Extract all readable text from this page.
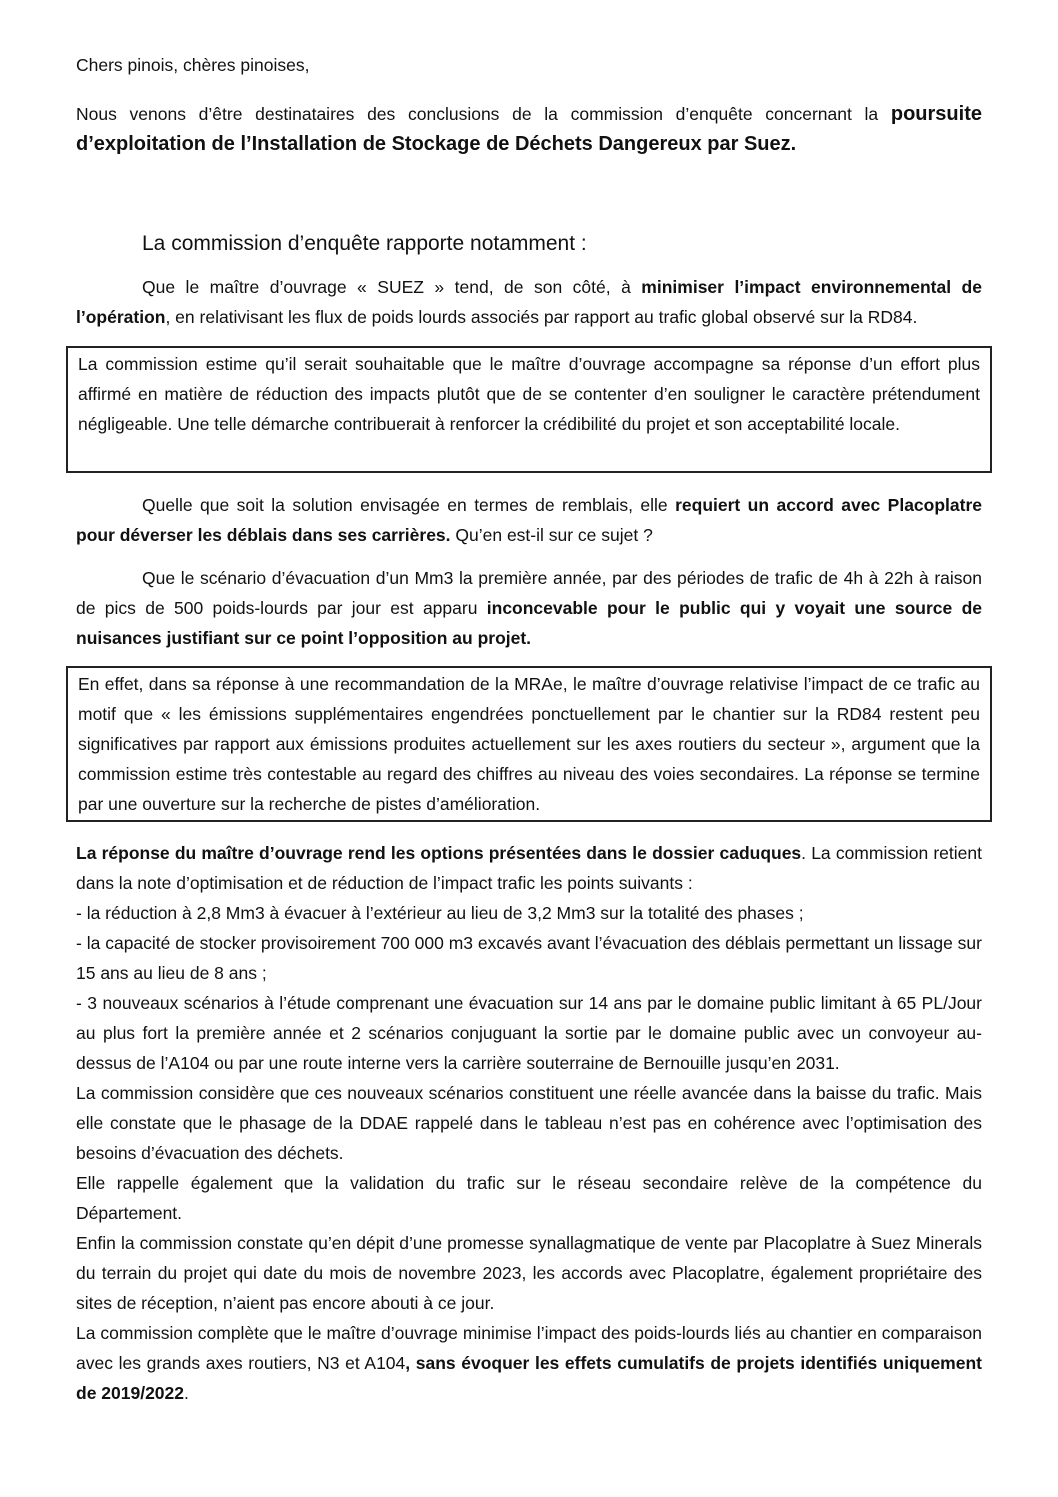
Chers pinois, chères pinoises,

Nous venons d’être destinataires des conclusions de la commission d’enquête concernant la poursuite d’exploitation de l’Installation de Stockage de Déchets Dangereux par Suez.

La commission d’enquête rapporte notamment :

Que le maître d’ouvrage « SUEZ » tend, de son côté, à minimiser l’impact environnemental de l’opération, en relativisant les flux de poids lourds associés par rapport au trafic global observé sur la RD84.

La commission estime qu’il serait souhaitable que le maître d’ouvrage accompagne sa réponse d’un effort plus affirmé en matière de réduction des impacts plutôt que de se contenter d’en souligner le caractère prétendument négligeable. Une telle démarche contribuerait à renforcer la crédibilité du projet et son acceptabilité locale.

Quelle que soit la solution envisagée en termes de remblais, elle requiert un accord avec Placoplatre pour déverser les déblais dans ses carrières. Qu’en est-il sur ce sujet ?

Que le scénario d’évacuation d’un Mm3 la première année, par des périodes de trafic de 4h à 22h à raison de pics de 500 poids-lourds par jour est apparu inconcevable pour le public qui y voyait une source de nuisances justifiant sur ce point l’opposition au projet.

En effet, dans sa réponse à une recommandation de la MRAe, le maître d’ouvrage relativise l’impact de ce trafic au motif que « les émissions supplémentaires engendrées ponctuellement par le chantier sur la RD84 restent peu significatives par rapport aux émissions produites actuellement sur les axes routiers du secteur », argument que la commission estime très contestable au regard des chiffres au niveau des voies secondaires. La réponse se termine par une ouverture sur la recherche de pistes d’amélioration.

La réponse du maître d’ouvrage rend les options présentées dans le dossier caduques. La commission retient dans la note d’optimisation et de réduction de l’impact trafic les points suivants :

- la réduction à 2,8 Mm3 à évacuer à l’extérieur au lieu de 3,2 Mm3 sur la totalité des phases ;

- la capacité de stocker provisoirement 700 000 m3 excavés avant l’évacuation des déblais permettant un lissage sur 15 ans au lieu de 8 ans ;

- 3 nouveaux scénarios à l’étude comprenant une évacuation sur 14 ans par le domaine public limitant à 65 PL/Jour au plus fort la première année et 2 scénarios conjuguant la sortie par le domaine public avec un convoyeur au-dessus de l’A104 ou par une route interne vers la carrière souterraine de Bernouille jusqu’en 2031.

La commission considère que ces nouveaux scénarios constituent une réelle avancée dans la baisse du trafic. Mais elle constate que le phasage de la DDAE rappelé dans le tableau n’est pas en cohérence avec l’optimisation des besoins d’évacuation des déchets.

Elle rappelle également que la validation du trafic sur le réseau secondaire relève de la compétence du Département.

Enfin la commission constate qu’en dépit d’une promesse synallagmatique de vente par Placoplatre à Suez Minerals du terrain du projet qui date du mois de novembre 2023, les accords avec Placoplatre, également propriétaire des sites de réception, n’aient pas encore abouti à ce jour.

La commission complète que le maître d’ouvrage minimise l’impact des poids-lourds liés au chantier en comparaison avec les grands axes routiers, N3 et A104, sans évoquer les effets cumulatifs de projets identifiés uniquement de 2019/2022.
